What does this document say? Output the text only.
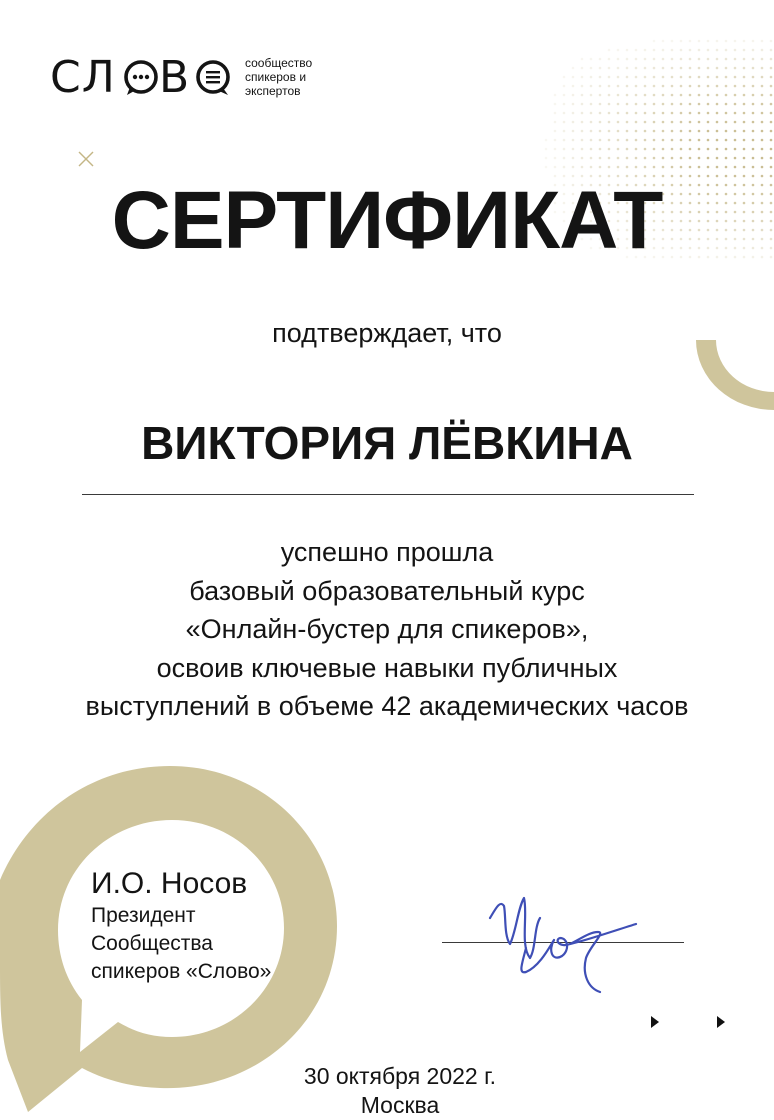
СЛ В	сообщество
спикеров и
экспертов
СЕРТИФИКАТ
подтверждает, что
ВИКТОРИЯ ЛЁВКИНА
успешно прошла
базовый образовательный курс
«Онлайн-бустер для спикеров»,
освоив ключевые навыки публичных
выступлений в объеме 42 академических часов
И.О. Носов
Президент
Сообщества
спикеров «Слово»
30 октября 2022 г.
Москва
